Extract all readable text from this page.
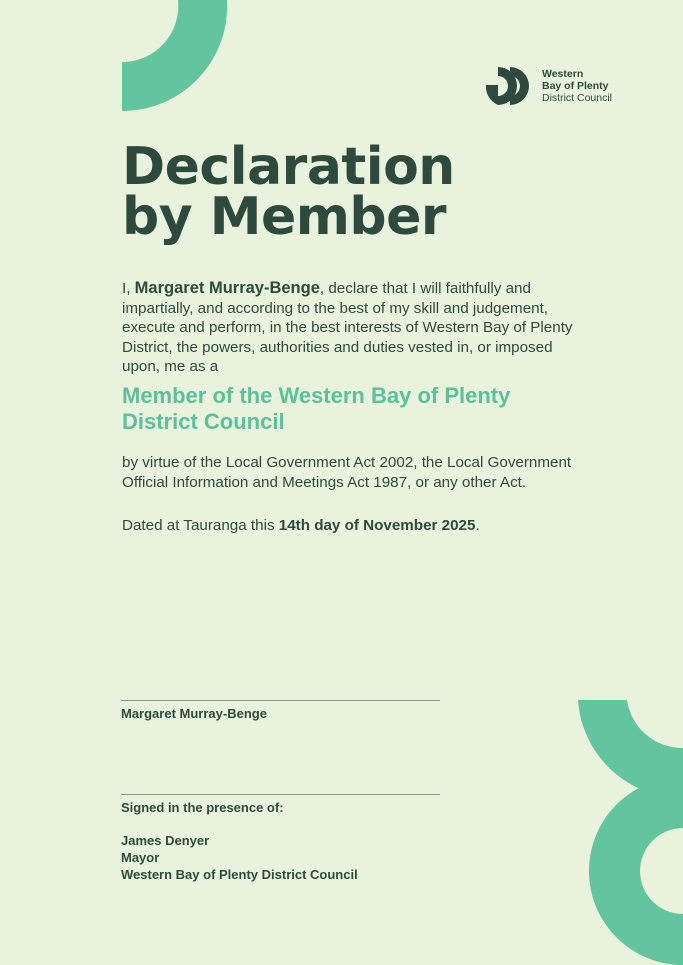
Western
Bay of Plenty
District Council
Declaration
by Member

I, Margaret Murray-Benge, declare that I will faithfully and impartially, and according to the best of my skill and judgement, execute and perform, in the best interests of Western Bay of Plenty District, the powers, authorities and duties vested in, or imposed upon, me as a

Member of the Western Bay of Plenty District Council

by virtue of the Local Government Act 2002, the Local Government Official Information and Meetings Act 1987, or any other Act.

Dated at Tauranga this 14th day of November 2025.

Margaret Murray-Benge
Signed in the presence of:
James Denyer
Mayor
Western Bay of Plenty District Council
